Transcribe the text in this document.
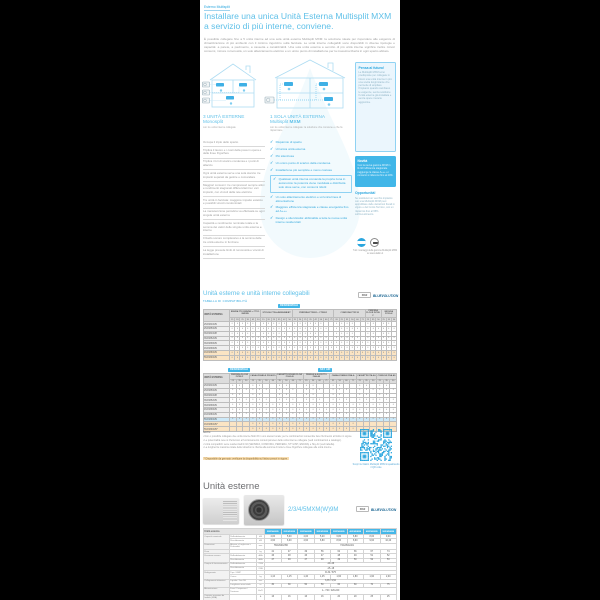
Esterno Multisplit
Installare una unica Unità Esterna Multisplit MXM a servizio di più interne, conviene.

È possibile collegare fino a 5 unità interne ad una sola unità esterna Multisplit MXM: la soluzione ideale per rispondere alle esigenze di climatizzazione di più ambienti con il minimo ingombro sulla facciata. Le unità interne collegabili sono disponibili in diverse tipologie e capacità: a parete, a pavimento, a cassetta e canalizzabili. Una sola unità esterna a servizio di più unità interne significa inoltre minori consumi, minore rumorosità, un solo allacciamento elettrico e un unico punto di installazione per la massima libertà in ogni spazio abitato.

3 UNITÀ ESTERNE
Monosplit
con tre unità interne collegate
1 SOLA UNITÀ ESTERNA
Multisplit MXM
con tre unità interne collegate: la soluzione che conviene e che fa risparmiare
Occupa il triplo dello spazio
Triplica il lavoro e i costi della posa in opera e delle linee frigorifere
Triplica i fori di scarico condensa e i punti di allaccio
Ogni unità esterna serve una sola stanza: tre impianti separati da gestire e comandare
Maggiori consumi: tre compressori sempre attivi e rendimenti stagionali differenziati tra i vari impianti, con vincoli della rete elettrica
Tre unità in facciata: maggiore impatto estetico e possibili vincoli condominiali
La manutenzione periodica va effettuata su ogni singola unità esterna
Capacità e rendimento nominale totale è la somma dei valori delle singole unità esterne e interne
Il livello sonoro complessivo è la somma delle tre unità esterne in funzione
La legge prevede limiti di rumorosità e vincoli di installazione
✓ Risparmio di spazio
✓ Un'unica unità esterna
✓ Più silenziosa
✓ Un unico punto di scarico della condensa
✓ Installazione più semplice e meno costosa
✓ Qualsiasi unità interna comanda la propria zona in autonomia: la potenza viene modulata e distribuita solo dove serve, con consumi ridotti
✓ Un solo allacciamento elettrico e un'unica linea di alimentazione
✓ Maggiore efficienza stagionale e classe energetica fino ad A+++
✓ Design e silenziosità: abbinabile a tutte le nuove unità interne residenziali
Pensa al futuro!

Le Multisplit MXM sono predisposte per collegare in futuro una unità interna in più: una scelta lungimirante che permette di ampliare l'impianto quando cambiano le esigenze, senza sostituire l'unità esterna già installata e senza opere murarie aggiuntive.

Novità

Con la nuova gamma MXM in R-32 l'efficienza stagionale raggiunge la classe A+++ e i consumi si riducono fino al 20%.

Opportunità!

Se sostituisci un vecchio impianto con una Multisplit MXM puoi approfittare delle detrazioni fiscali in vigore e del Conto Termico, con un risparmio fino al 65% sull'investimento.

Tutti i vantaggi della gamma Multisplit MXM su www.daikin.it
Unità esterne e unità interne collegabili
TABELLA DI COMPATIBILITÀ
R32	BLUEVOLUTION
RESIDENZIALI
UNITÀ ESTERNA	EMURA FTXJ-MW/MS + CTXJ-MW/MS						STYLISH FTXA-AW/BS/BB/BT						PERFERA FTXM-R + CTXM-R								COMFORA FTXP-M						PERFERA FLOOR FVXM-F			NEXURA FVXG-K		
	15	20	25	35	42	50	15	20	25	35	42	50	15	20	25	35	42	50	60	71	20	25	35	50	60	71	25	35	50	25	35	50
2MXM40M9	•	•	•	•	•		•	•	•	•	•		•	•	•	•	•	•			•	•	•	•			•	•		•	•	
2MXM50M9	•	•	•	•	•	•	•	•	•	•	•	•	•	•	•	•	•	•	•		•	•	•	•	•		•	•	•	•	•	•
3MXM40M8	•	•	•	•	•		•	•	•	•	•		•	•	•	•	•	•			•	•	•	•			•	•		•	•	
3MXM52M9	•	•	•	•	•	•	•	•	•	•	•	•	•	•	•	•	•	•	•		•	•	•	•	•		•	•	•	•	•	•
3MXM68M9	•	•	•	•	•	•	•	•	•	•	•	•	•	•	•	•	•	•	•	•	•	•	•	•	•	•	•	•	•	•	•	•
4MXM68M9	•	•	•	•	•	•	•	•	•	•	•	•	•	•	•	•	•	•	•	•	•	•	•	•	•	•	•	•	•	•	•	•
4MXM80M9	•	•	•	•	•	•	•	•	•	•	•	•	•	•	•	•	•	•	•	•	•	•	•	•	•	•	•	•	•	•	•	•
5MXM90M9	•	•	•	•	•	•	•	•	•	•	•	•	•	•	•	•	•	•	•	•	•	•	•	•	•	•	•	•	•	•	•	•
RESIDENZIALI	SKY AIR
UNITÀ ESTERNA	PERFERA FLOOR FVXM-F			CANALIZZABILE FDXM-F9				CASSETTE ROUND FLOW FCAG-B				PENSILE A SOFFITTO FHA-A9				CANALIZZABILE FBA-A				CASSETTE FFA-A9			CONSOLE FNA-A9		
	25	35	50	25	35	50	60	35	50	60	71	35	50	60	71	35	50	60	71	25	35	50	25	35	50
2MXM40M9	•	•		•	•			•	•			•	•			•	•			•	•		•	•	
2MXM50M9	•	•	•	•	•	•		•	•	•		•	•	•		•	•	•		•	•	•	•	•	•
3MXM40M8	•	•		•	•			•	•			•	•			•	•			•	•		•	•	
3MXM52M9	•	•	•	•	•	•		•	•	•		•	•	•		•	•	•		•	•	•	•	•	•
3MXM68M9	•	•	•	•	•	•	•	•	•	•	•	•	•	•	•	•	•	•	•	•	•	•	•	•	•
4MXM68M9	•	•	•	•	•	•	•	•	•	•	•	•	•	•	•	•	•	•	•	•	•	•	•	•	•
4MXM80M9	•	•	•	•	•	•	•	•	•	•	•	•	•	•	•	•	•	•	•	•	•	•	•	•	•
5MXM90M9	•	•	•	•	•	•	•	•	•	•	•	•	•	•	•	•	•	•	•	•	•	•	•	•	•
4MXM80M9*				•	•	•	•	•	•	•	•	•	•	•	•	•	•	•	•						
5MXM90M9*				•	•	•	•	•	•	•	•	•	•	•	•	•	•	•	•						

NOTE:

• Non è possibile collegare due unità interne Multi R in uno stesso locale; per le combinazioni consentite fare riferimento al listino in vigore.

• Le potenzialità rese si riferiscono al funzionamento contemporaneo delle unità interne collegate (vedi combinazioni a catalogo).

• Unità compatibili: serie residenziali R-32 (SENSIRA, COMFORA, PERFERA, STYLISH, EMURA) e Sky Air (vedi tabella).

• La lunghezza massima totale delle tubazioni è riferita alla somma di tutte le linee frigorifere collegate alle unità interne.

* Disponibile da gennaio: verificare la disponibilità sul listino prezzi in vigore.
Scopri le Daikin Multisplit MXM inquadrando il QR code
Unità esterne
2/3/4/5MXM(W)9M	R32	BLUEVOLUTION
Unità esterna			2MXM40M9	2MXM50M9	3MXM40M8	3MXM52M9	3MXM68M9	4MXM68M9	4MXM80M9	5MXM90M9
Capacità nominale	Raffreddamento	kW	4,00	5,00	4,00	5,20	6,80	6,80	8,00	9,00
	Riscaldamento	kW	4,60	6,00	4,60	6,80	8,60	8,60	9,60	10,20
Dimensioni	Altezza x Larghezza x Profondità	mm	552x840x350		734x954x401					
Peso		kg	41	47	49	56	62	66	67	74
Pressione sonora	Raffreddamento	dBA	46	48	46	47	48	49	51	52
	Riscaldamento	dBA	47	49	47	48	49	50	52	53
Campo di funzionamento	Raffreddamento	°CBS	-10~46							
	Riscaldamento	°CBU	-15~18							
Refrigerante	Tipo / GWP		R-32 / 675							
	Carica	kg	1,10	1,15	1,40	1,45	1,60	1,80	1,90	2,00
Collegamenti tubazioni	Liquido / Gas DE	mm	6,35 / 9,52							
	Lunghezza max totale	m	30	30	50	50	60	60	70	75
Alimentazione	Fase / Frequenza / Tensione	Hz/V	1~ / 50 / 220-240							
Corrente massima da fusibile (MFA)		A	16	16	16	16	20	20	25	25
